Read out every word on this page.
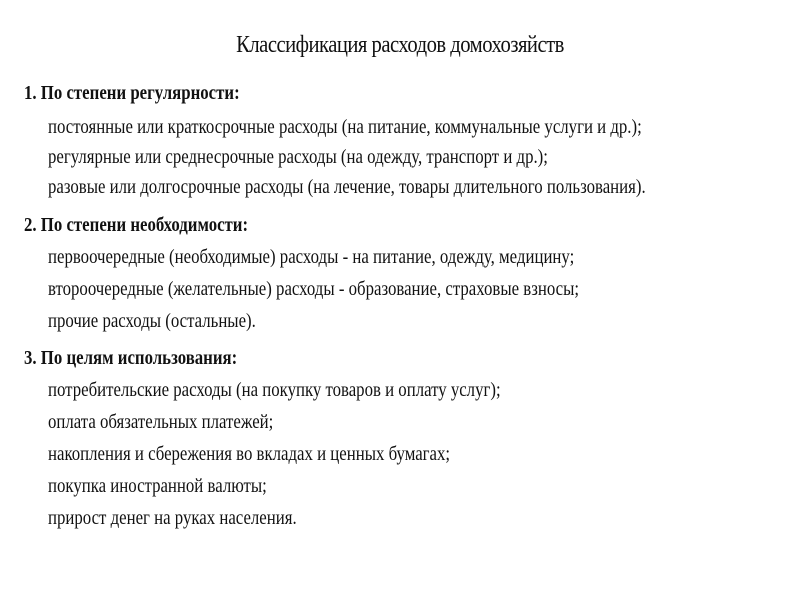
Классификация расходов домохозяйств
1. По степени регулярности:
постоянные или краткосрочные расходы (на питание, коммунальные услуги и др.);
регулярные или среднесрочные расходы (на одежду, транспорт и др.);
разовые или долгосрочные расходы (на лечение, товары длительного пользования).
2. По степени необходимости:
первоочередные (необходимые) расходы - на питание, одежду, медицину;
второочередные (желательные) расходы - образование, страховые взносы;
прочие расходы (остальные).
3. По целям использования:
потребительские расходы (на покупку товаров и оплату услуг);
оплата обязательных платежей;
накопления и сбережения во вкладах и ценных бумагах;
покупка иностранной валюты;
прирост денег на руках населения.
